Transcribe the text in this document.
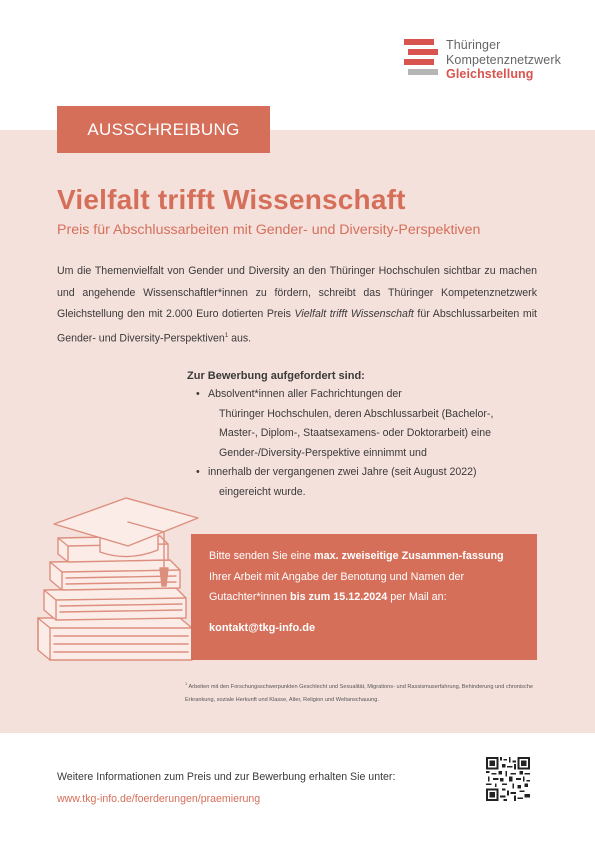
Thüringer
Kompetenznetzwerk
Gleichstellung
AUSSCHREIBUNG
Vielfalt trifft Wissenschaft
Preis für Abschlussarbeiten mit Gender- und Diversity-Perspektiven
Um die Themenvielfalt von Gender und Diversity an den Thüringer Hochschulen sichtbar zu machen und angehende Wissenschaftler*innen zu fördern, schreibt das Thüringer Kompetenznetzwerk Gleichstellung den mit 2.000 Euro dotierten Preis Vielfalt trifft Wissenschaft für Abschlussarbeiten mit Gender- und Diversity-Perspektiven$^1$ aus.
Zur Bewerbung aufgefordert sind:
• Absolvent*innen aller Fachrichtungen der
Thüringer Hochschulen, deren Abschlussarbeit (Bachelor-,
Master-, Diplom-, Staatsexamens- oder Doktorarbeit) eine
Gender-/Diversity-Perspektive einnimmt und
• innerhalb der vergangenen zwei Jahre (seit August 2022)
eingereicht wurde.
Bitte senden Sie eine max. zweiseitige Zusammen-fassung Ihrer Arbeit mit Angabe der Benotung und Namen der Gutachter*innen bis zum 15.12.2024 per Mail an:
kontakt@tkg-info.de
$^1$ Arbeiten mit den Forschungsschwerpunkten Geschlecht und Sexualität, Migrations- und Rassismuserfahrung, Behinderung und chronische Erkrankung, soziale Herkunft und Klasse, Alter, Religion und Weltanschauung.
Weitere Informationen zum Preis und zur Bewerbung erhalten Sie unter:
www.tkg-info.de/foerderungen/praemierung
